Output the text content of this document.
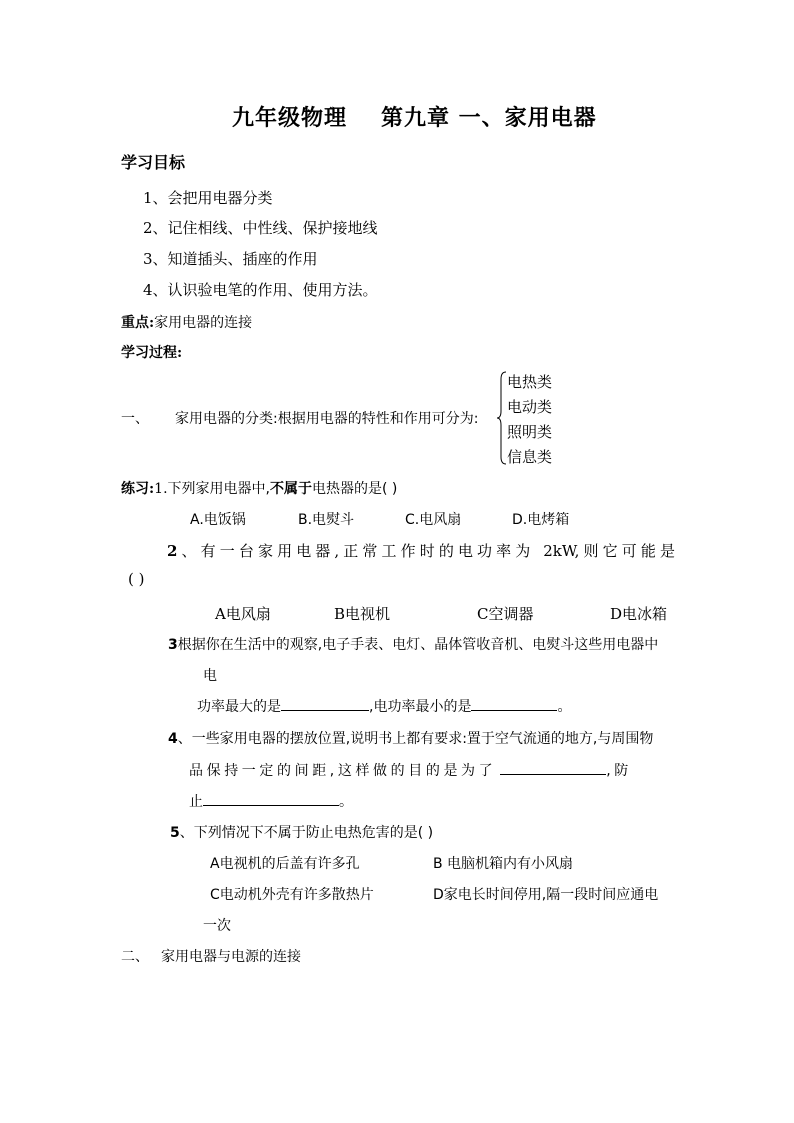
九年级物理 第九章 一、家用电器
学习目标
1、会把用电器分类
2、记住相线、中性线、保护接地线
3、知道插头、插座的作用
4、认识验电笔的作用、使用方法。
重点:家用电器的连接
学习过程:
一、 家用电器的分类:根据用电器的特性和作用可分为:
电热类
电动类
照明类
信息类
练习:1.下列家用电器中,不属于电热器的是( )
A.电饭锅	B.电熨斗	C.电风扇	D.电烤箱
2、有一台家用电器,正常工作时的电功率为 2kW,则它可能是
( )
A电风扇	B电视机	C空调器	D电冰箱
3根据你在生活中的观察,电子手表、电灯、晶体管收音机、电熨斗这些用电器中
电
功率最大的是	,电功率最小的是	。
4、一些家用电器的摆放位置,说明书上都有要求:置于空气流通的地方,与周围物
品保持一定的间距,这样做的目的是为了	,防
止	。
5、下列情况下不属于防止电热危害的是( )
A电视机的后盖有许多孔	B 电脑机箱内有小风扇
C电动机外壳有许多散热片	D家电长时间停用,隔一段时间应通电
一次
二、 家用电器与电源的连接
